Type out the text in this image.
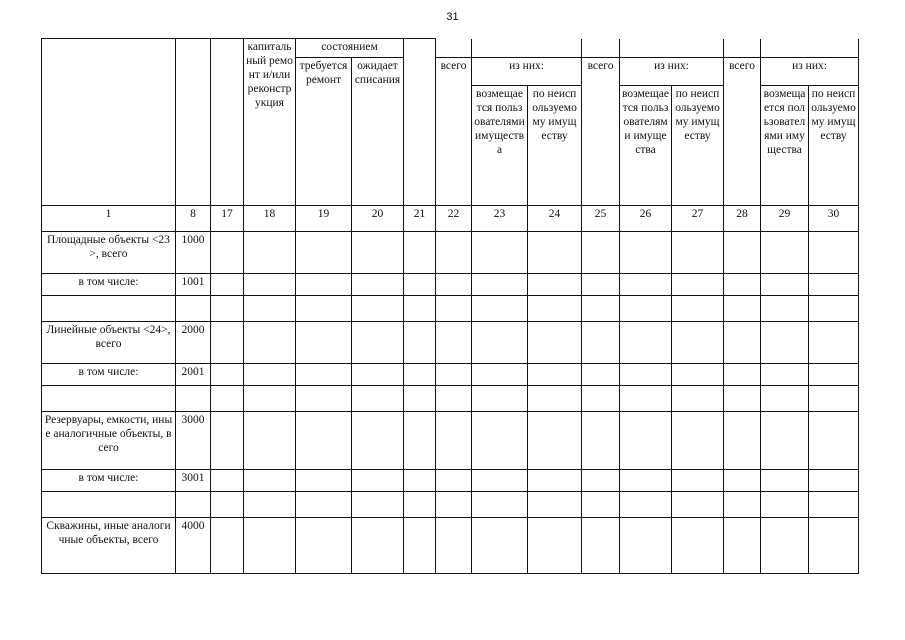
31
			капитальный ремонт и/или реконструкция	состоянием											
				требуется ремонт	ожидает списания		всего	из них:		всего	из них:		всего	из них:	
								возмещается пользователями имущества	по неиспользуемому имуществу		возмещается пользователями имущества	по неиспользуемому имуществу		возмещается пользователями имущества	по неиспользуемому имуществу
1	8	17	18	19	20	21	22	23	24	25	26	27	28	29	30
Площадные объекты <23>, всего	1000														
в том числе:	1001														

Линейные объекты <24>, всего	2000														
в том числе:	2001														

Резервуары, емкости, иные аналогичные объекты, всего	3000														
в том числе:	3001														

Скважины, иные аналогичные объекты, всего	4000														
